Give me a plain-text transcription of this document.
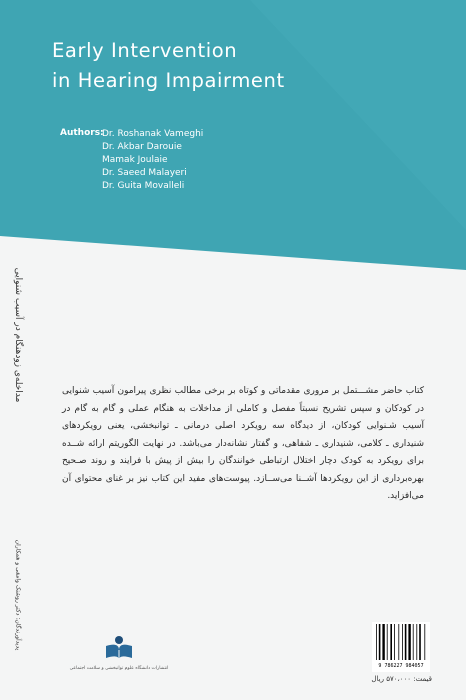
Early Intervention
in Hearing Impairment
Authors:
Dr. Roshanak Vameghi
Dr. Akbar Darouie
Mamak Joulaie
Dr. Saeed Malayeri
Dr. Guita Movalleli
مداخله‌ی زودهنگام در آسیب شنوایی
پدیدآورندگان: دکتر روشنک وامقی و همکاران

کتاب حاضر مشـــتمل بر مروری مقدماتی و کوتاه بر برخی مطالب نظری پیرامون آسیب شنوایی در کودکان و سپس تشریح نسبتاً مفصل و کاملی از مداخلات به هنگام عملی و گام به گام در آسیب شـنوایی کودکان، از دیدگاه سه رویکرد اصلی درمانی ـ توانبخشی، یعنی رویکردهای شنیداری ـ کلامی، شنیداری ـ شفاهی، و گفتار نشانه‌دار می‌باشد. در نهایت الگوریتم ارائه شــده برای رویکرد به کودک دچار اختلال ارتباطی خوانندگان را بیش از پیش با فرایند و روند صـحیح بهره‌برداری از این رویکردها آشــنا می‌ســازد. پیوست‌های مفید این کتاب نیز بر غنای محتوای آن می‌افزاید.

انتشارات دانشگاه علوم توانبخشی و سلامت اجتماعی	9 786227 984057
قیمت: ۵۷۰،۰۰۰ ریال
